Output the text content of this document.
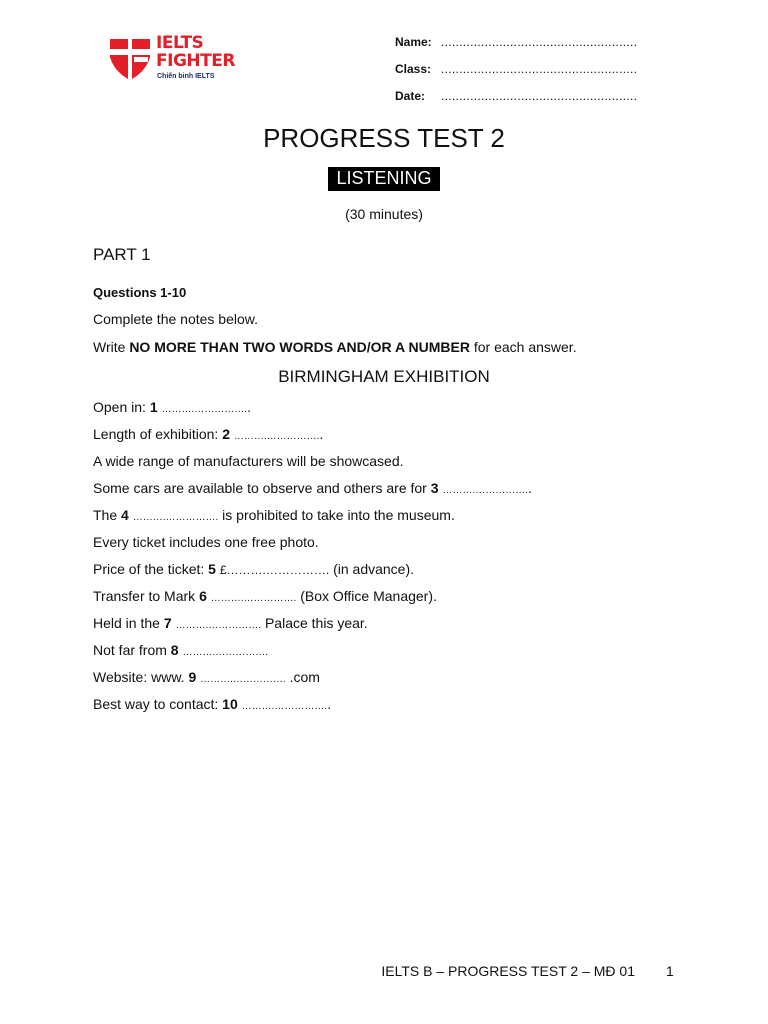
IELTS
FIGHTER
Chiến binh IELTS
Name: ......................................................
Class: ......................................................
Date:	......................................................
PROGRESS TEST 2
LISTENING
(30 minutes)
PART 1
Questions 1-10
Complete the notes below.
Write NO MORE THAN TWO WORDS AND/OR A NUMBER for each answer.
BIRMINGHAM EXHIBITION
Open in: 1 ……….……………..
Length of exhibition: 2 ……….……………..
A wide range of manufacturers will be showcased.
Some cars are available to observe and others are for 3 ……….……………..
The 4 ……….……………. is prohibited to take into the museum.
Every ticket includes one free photo.
Price of the ticket: 5 £……….……………. (in advance).
Transfer to Mark 6 ……….……………. (Box Office Manager).
Held in the 7 ……….……………. Palace this year.
Not far from 8 ……….…………….
Website: www. 9 ……….……………. .com
Best way to contact: 10 ……….……………..
IELTS B – PROGRESS TEST 2 – MĐ 01 1
